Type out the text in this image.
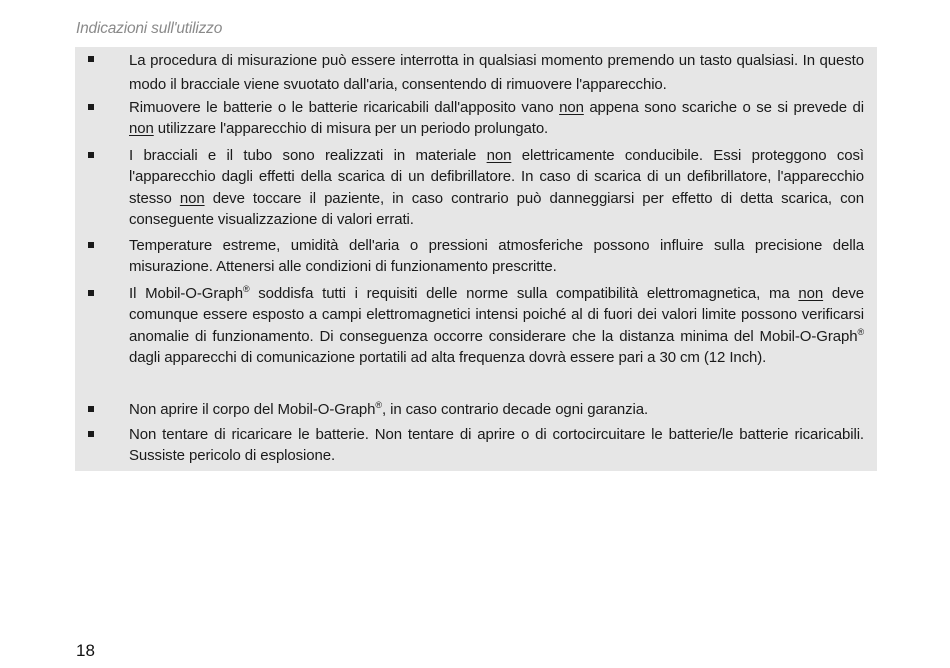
Indicazioni sull'utilizzo
La procedura di misurazione può essere interrotta in qualsiasi momento premendo un tasto qualsiasi. In questo modo il bracciale viene svuotato dall'aria, consentendo di rimuovere l'apparecchio.
Rimuovere le batterie o le batterie ricaricabili dall'apposito vano non appena sono scariche o se si prevede di non utilizzare l'apparecchio di misura per un periodo prolungato.
I bracciali e il tubo sono realizzati in materiale non elettricamente conducibile. Essi proteggono così l'apparecchio dagli effetti della scarica di un defibrillatore. In caso di scarica di un defibrillatore, l'apparecchio stesso non deve toccare il paziente, in caso contrario può danneggiarsi per effetto di detta scarica, con conseguente visualizzazione di valori errati.
Temperature estreme, umidità dell'aria o pressioni atmosferiche possono influire sulla precisione della misurazione. Attenersi alle condizioni di funzionamento prescritte.
Il Mobil-O-Graph® soddisfa tutti i requisiti delle norme sulla compatibilità elettromagnetica, ma non deve comunque essere esposto a campi elettromagnetici intensi poiché al di fuori dei valori limite possono verificarsi anomalie di funzionamento. Di conseguenza occorre considerare che la distanza minima del Mobil-O-Graph® dagli apparecchi di comunicazione portatili ad alta frequenza dovrà essere pari a 30 cm (12 Inch).
Non aprire il corpo del Mobil-O-Graph®, in caso contrario decade ogni garanzia.
Non tentare di ricaricare le batterie. Non tentare di aprire o di cortocircuitare le batterie/le batterie ricaricabili. Sussiste pericolo di esplosione.
18
